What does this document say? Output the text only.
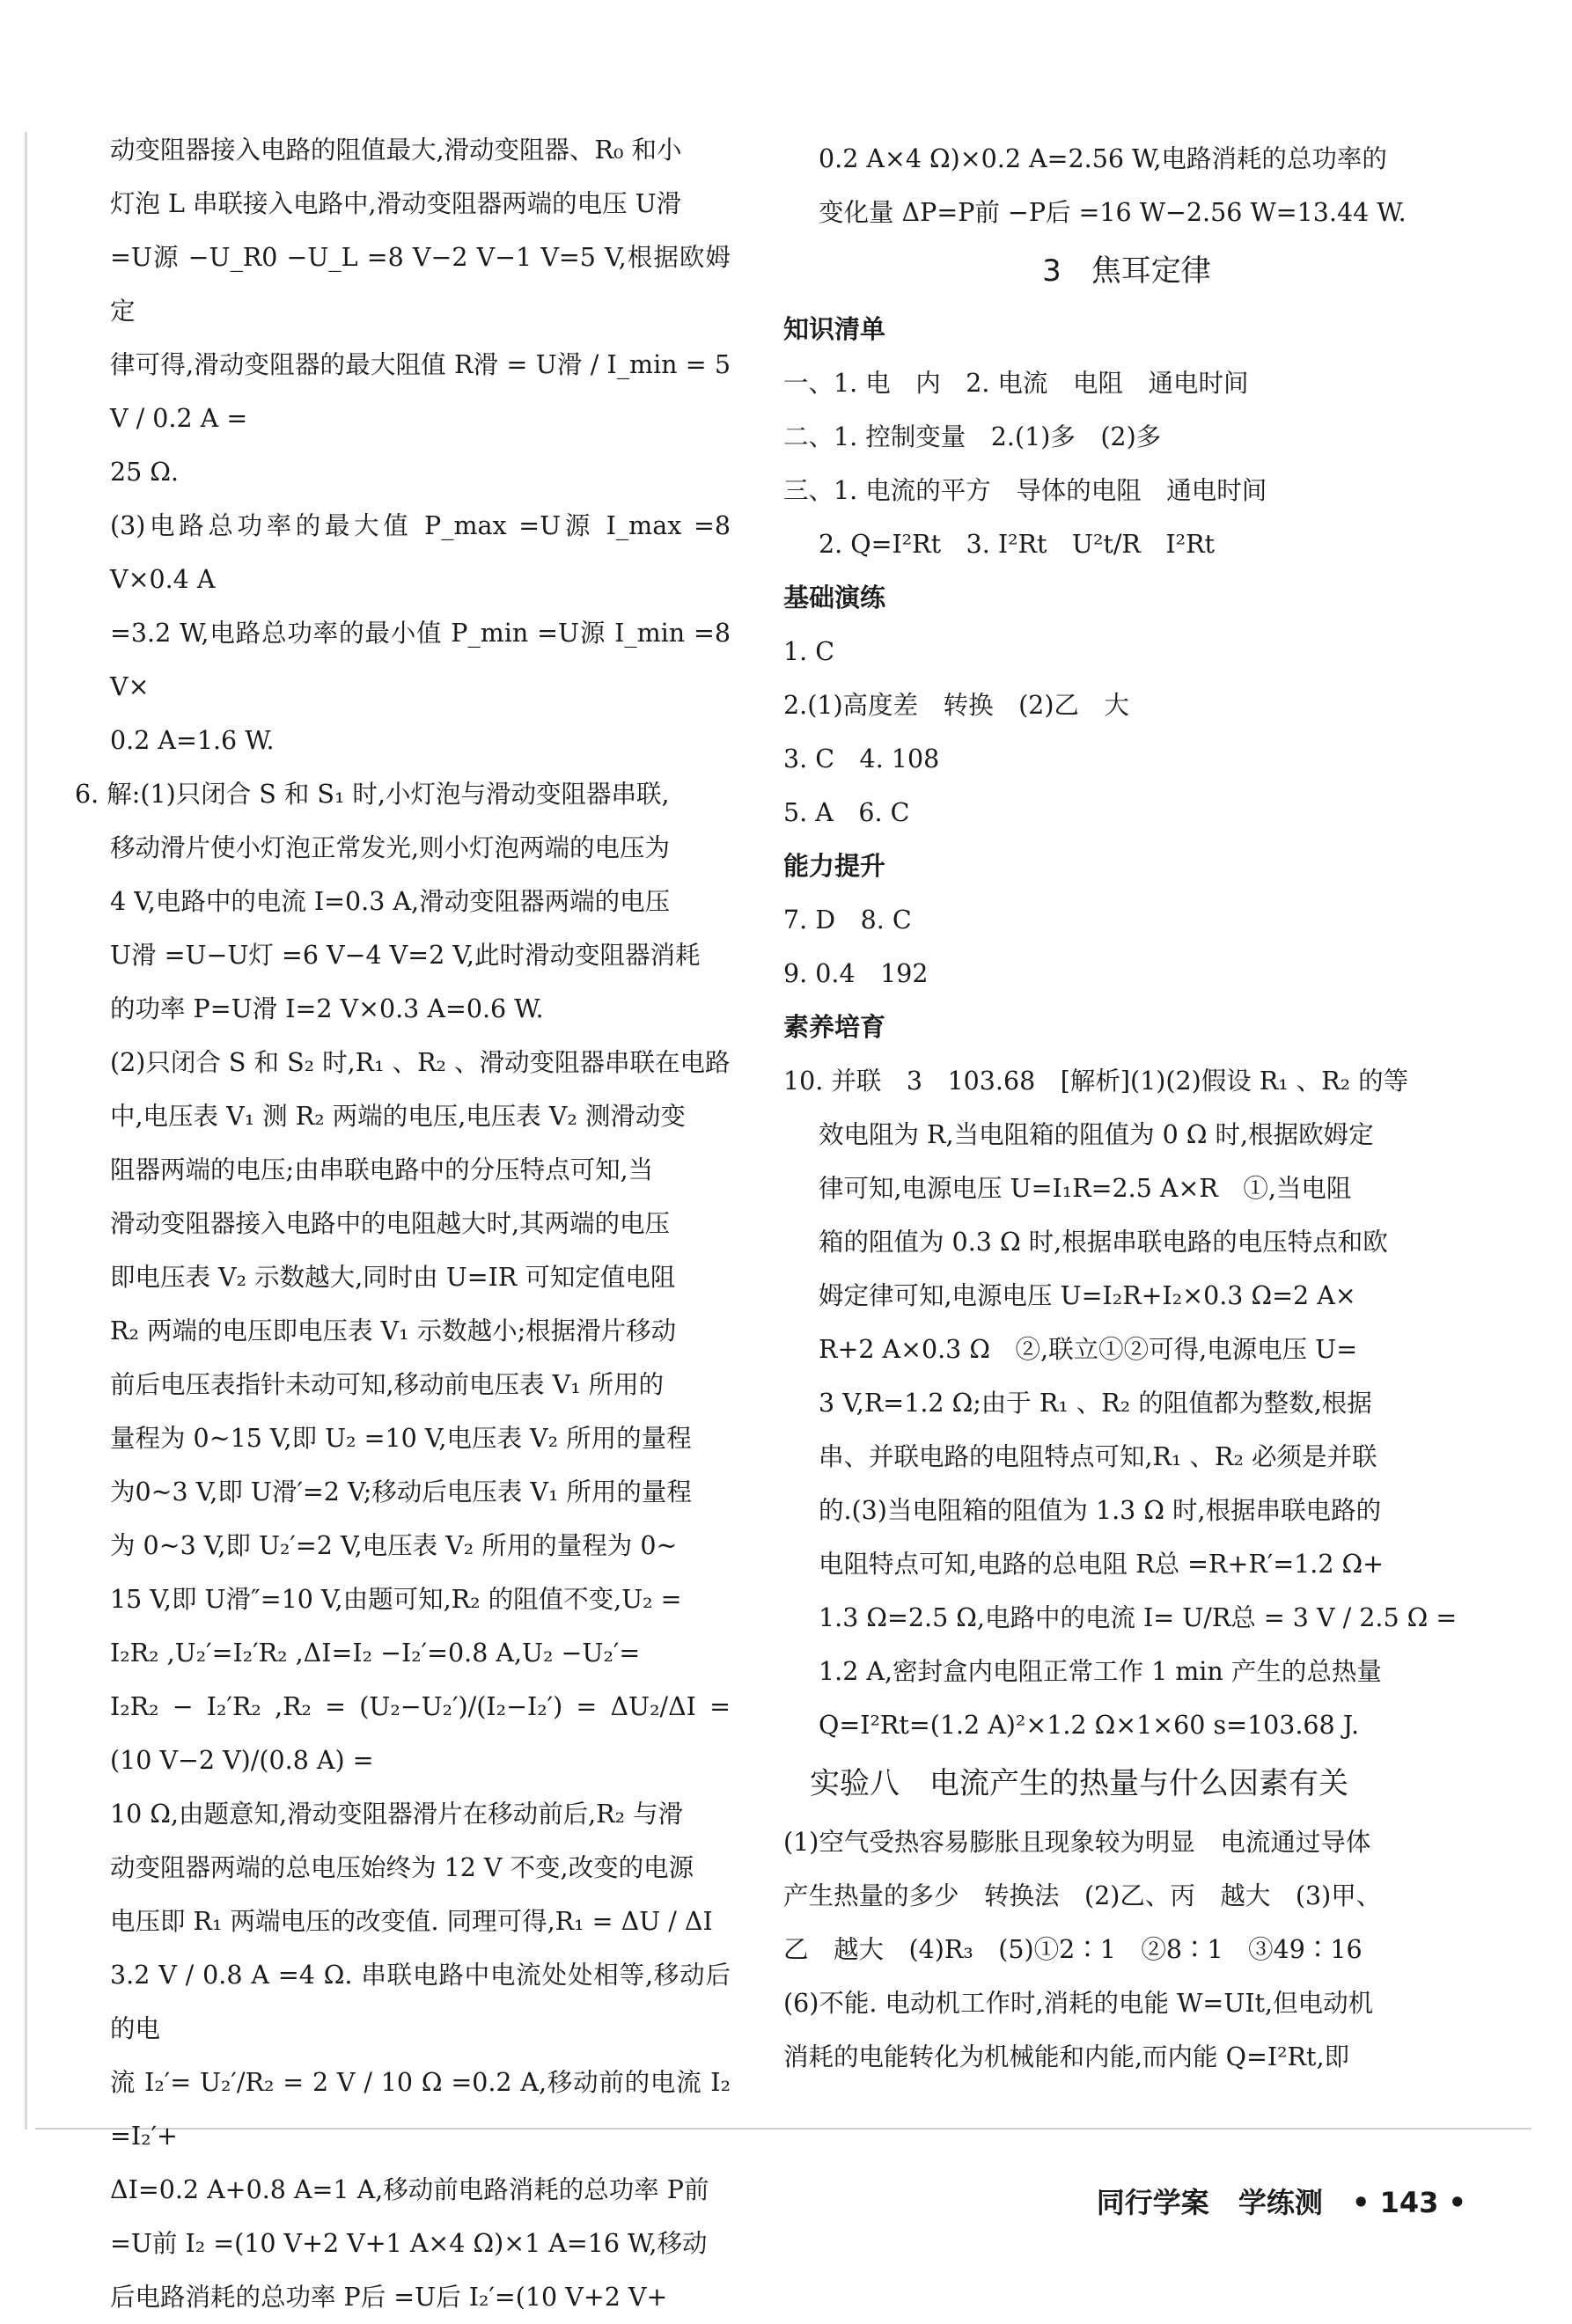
动变阻器接入电路的阻值最大,滑动变阻器、R₀ 和小

灯泡 L 串联接入电路中,滑动变阻器两端的电压 U滑

=U源 −U_R0 −U_L =8 V−2 V−1 V=5 V,根据欧姆定

律可得,滑动变阻器的最大阻值 R滑 = U滑 / I_min = 5 V / 0.2 A =

25 Ω.

(3)电路总功率的最大值 P_max =U源 I_max =8 V×0.4 A

=3.2 W,电路总功率的最小值 P_min =U源 I_min =8 V×

0.2 A=1.6 W.

6. 解:(1)只闭合 S 和 S₁ 时,小灯泡与滑动变阻器串联,

移动滑片使小灯泡正常发光,则小灯泡两端的电压为

4 V,电路中的电流 I=0.3 A,滑动变阻器两端的电压

U滑 =U−U灯 =6 V−4 V=2 V,此时滑动变阻器消耗

的功率 P=U滑 I=2 V×0.3 A=0.6 W.

(2)只闭合 S 和 S₂ 时,R₁ 、R₂ 、滑动变阻器串联在电路

中,电压表 V₁ 测 R₂ 两端的电压,电压表 V₂ 测滑动变

阻器两端的电压;由串联电路中的分压特点可知,当

滑动变阻器接入电路中的电阻越大时,其两端的电压

即电压表 V₂ 示数越大,同时由 U=IR 可知定值电阻

R₂ 两端的电压即电压表 V₁ 示数越小;根据滑片移动

前后电压表指针未动可知,移动前电压表 V₁ 所用的

量程为 0~15 V,即 U₂ =10 V,电压表 V₂ 所用的量程

为0~3 V,即 U滑′=2 V;移动后电压表 V₁ 所用的量程

为 0~3 V,即 U₂′=2 V,电压表 V₂ 所用的量程为 0~

15 V,即 U滑″=10 V,由题可知,R₂ 的阻值不变,U₂ =

I₂R₂ ,U₂′=I₂′R₂ ,ΔI=I₂ −I₂′=0.8 A,U₂ −U₂′=

I₂R₂ − I₂′R₂ ,R₂ = (U₂−U₂′)/(I₂−I₂′) = ΔU₂/ΔI = (10 V−2 V)/(0.8 A) =

10 Ω,由题意知,滑动变阻器滑片在移动前后,R₂ 与滑

动变阻器两端的总电压始终为 12 V 不变,改变的电源

电压即 R₁ 两端电压的改变值. 同理可得,R₁ = ΔU / ΔI

3.2 V / 0.8 A =4 Ω. 串联电路中电流处处相等,移动后的电

流 I₂′= U₂′/R₂ = 2 V / 10 Ω =0.2 A,移动前的电流 I₂ =I₂′+

ΔI=0.2 A+0.8 A=1 A,移动前电路消耗的总功率 P前

=U前 I₂ =(10 V+2 V+1 A×4 Ω)×1 A=16 W,移动

后电路消耗的总功率 P后 =U后 I₂′=(10 V+2 V+

0.2 A×4 Ω)×0.2 A=2.56 W,电路消耗的总功率的

变化量 ΔP=P前 −P后 =16 W−2.56 W=13.44 W.

3　焦耳定律

知识清单

一、1. 电　内　2. 电流　电阻　通电时间

二、1. 控制变量　2.(1)多　(2)多

三、1. 电流的平方　导体的电阻　通电时间

2. Q=I²Rt　3. I²Rt　U²t/R　I²Rt

基础演练

1. C

2.(1)高度差　转换　(2)乙　大

3. C　4. 108

5. A　6. C

能力提升

7. D　8. C

9. 0.4　192

素养培育

10. 并联　3　103.68　[解析](1)(2)假设 R₁ 、R₂ 的等

效电阻为 R,当电阻箱的阻值为 0 Ω 时,根据欧姆定

律可知,电源电压 U=I₁R=2.5 A×R　①,当电阻

箱的阻值为 0.3 Ω 时,根据串联电路的电压特点和欧

姆定律可知,电源电压 U=I₂R+I₂×0.3 Ω=2 A×

R+2 A×0.3 Ω　②,联立①②可得,电源电压 U=

3 V,R=1.2 Ω;由于 R₁ 、R₂ 的阻值都为整数,根据

串、并联电路的电阻特点可知,R₁ 、R₂ 必须是并联

的.(3)当电阻箱的阻值为 1.3 Ω 时,根据串联电路的

电阻特点可知,电路的总电阻 R总 =R+R′=1.2 Ω+

1.3 Ω=2.5 Ω,电路中的电流 I= U/R总 = 3 V / 2.5 Ω =

1.2 A,密封盒内电阻正常工作 1 min 产生的总热量

Q=I²Rt=(1.2 A)²×1.2 Ω×1×60 s=103.68 J.

实验八　电流产生的热量与什么因素有关

(1)空气受热容易膨胀且现象较为明显　电流通过导体

产生热量的多少　转换法　(2)乙、丙　越大　(3)甲、

乙　越大　(4)R₃　(5)①2∶1　②8∶1　③49∶16

(6)不能. 电动机工作时,消耗的电能 W=UIt,但电动机

消耗的电能转化为机械能和内能,而内能 Q=I²Rt,即

同行学案 学练测 • 143 •
